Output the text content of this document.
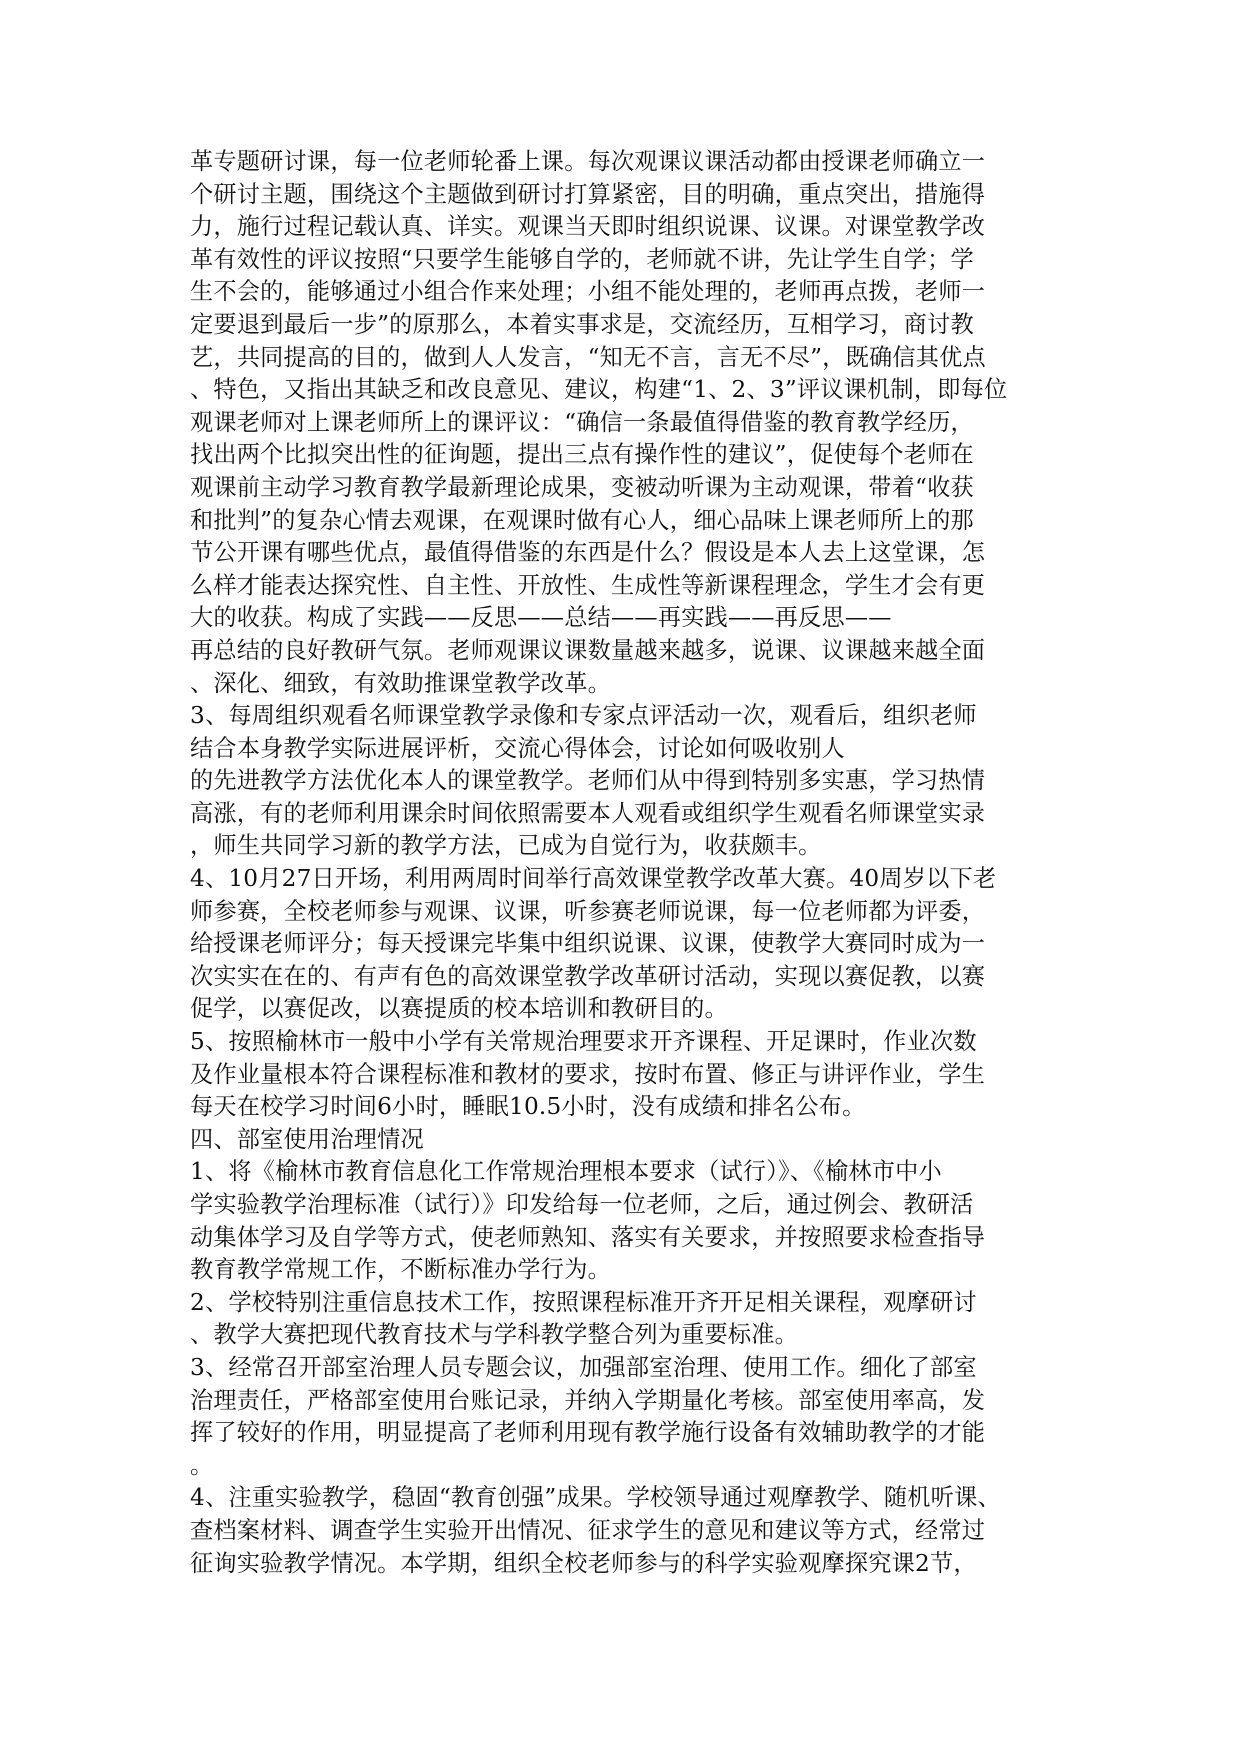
革专题研讨课，每一位老师轮番上课。每次观课议课活动都由授课老师确立一
个研讨主题，围绕这个主题做到研讨打算紧密，目的明确，重点突出，措施得
力，施行过程记载认真、详实。观课当天即时组织说课、议课。对课堂教学改
革有效性的评议按照“只要学生能够自学的，老师就不讲，先让学生自学；学
生不会的，能够通过小组合作来处理；小组不能处理的，老师再点拨，老师一
定要退到最后一步”的原那么，本着实事求是，交流经历，互相学习，商讨教
艺，共同提高的目的，做到人人发言，“知无不言，言无不尽”，既确信其优点
、特色，又指出其缺乏和改良意见、建议，构建“1、2、3”评议课机制，即每位
观课老师对上课老师所上的课评议：“确信一条最值得借鉴的教育教学经历，
找出两个比拟突出性的征询题，提出三点有操作性的建议”，促使每个老师在
观课前主动学习教育教学最新理论成果，变被动听课为主动观课，带着“收获
和批判”的复杂心情去观课，在观课时做有心人，细心品味上课老师所上的那
节公开课有哪些优点，最值得借鉴的东西是什么？假设是本人去上这堂课，怎
么样才能表达探究性、自主性、开放性、生成性等新课程理念，学生才会有更
大的收获。构成了实践——反思——总结——再实践——再反思——
再总结的良好教研气氛。老师观课议课数量越来越多，说课、议课越来越全面
、深化、细致，有效助推课堂教学改革。
3、每周组织观看名师课堂教学录像和专家点评活动一次，观看后，组织老师
结合本身教学实际进展评析，交流心得体会，讨论如何吸收别人
的先进教学方法优化本人的课堂教学。老师们从中得到特别多实惠，学习热情
高涨，有的老师利用课余时间依照需要本人观看或组织学生观看名师课堂实录
，师生共同学习新的教学方法，已成为自觉行为，收获颇丰。
4、10月27日开场，利用两周时间举行高效课堂教学改革大赛。40周岁以下老
师参赛，全校老师参与观课、议课，听参赛老师说课，每一位老师都为评委，
给授课老师评分；每天授课完毕集中组织说课、议课，使教学大赛同时成为一
次实实在在的、有声有色的高效课堂教学改革研讨活动，实现以赛促教，以赛
促学，以赛促改，以赛提质的校本培训和教研目的。
5、按照榆林市一般中小学有关常规治理要求开齐课程、开足课时，作业次数
及作业量根本符合课程标准和教材的要求，按时布置、修正与讲评作业，学生
每天在校学习时间6小时，睡眠10.5小时，没有成绩和排名公布。
四、部室使用治理情况
1、将《榆林市教育信息化工作常规治理根本要求（试行）》、《榆林市中小
学实验教学治理标准（试行）》印发给每一位老师，之后，通过例会、教研活
动集体学习及自学等方式，使老师熟知、落实有关要求，并按照要求检查指导
教育教学常规工作，不断标准办学行为。
2、学校特别注重信息技术工作，按照课程标准开齐开足相关课程，观摩研讨
、教学大赛把现代教育技术与学科教学整合列为重要标准。
3、经常召开部室治理人员专题会议，加强部室治理、使用工作。细化了部室
治理责任，严格部室使用台账记录，并纳入学期量化考核。部室使用率高，发
挥了较好的作用，明显提高了老师利用现有教学施行设备有效辅助教学的才能
。
4、注重实验教学，稳固“教育创强”成果。学校领导通过观摩教学、随机听课、
查档案材料、调查学生实验开出情况、征求学生的意见和建议等方式，经常过
征询实验教学情况。本学期，组织全校老师参与的科学实验观摩探究课2节，
